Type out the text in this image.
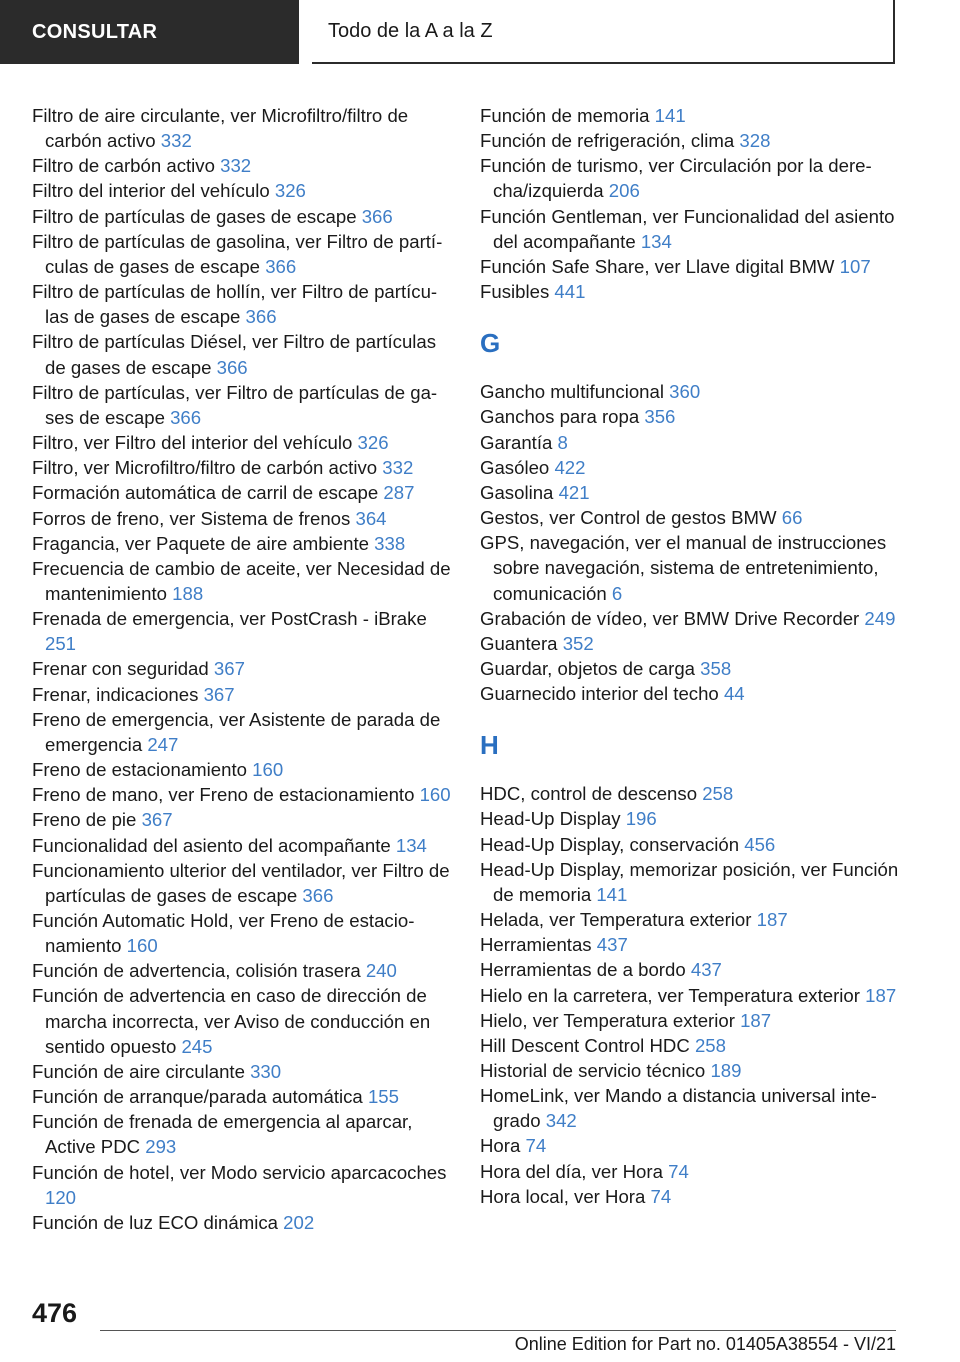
CONSULTAR	Todo de la A a la Z
Filtro de aire circulante, ver Microfiltro/filtro de carbón activo 332
Filtro de carbón activo 332
Filtro del interior del vehículo 326
Filtro de partículas de gases de escape 366
Filtro de partículas de gasolina, ver Filtro de partículas de gases de escape 366
Filtro de partículas de hollín, ver Filtro de partículas de gases de escape 366
Filtro de partículas Diésel, ver Filtro de partículas de gases de escape 366
Filtro de partículas, ver Filtro de partículas de gases de escape 366
Filtro, ver Filtro del interior del vehículo 326
Filtro, ver Microfiltro/filtro de carbón activo 332
Formación automática de carril de escape 287
Forros de freno, ver Sistema de frenos 364
Fragancia, ver Paquete de aire ambiente 338
Frecuencia de cambio de aceite, ver Necesidad de mantenimiento 188
Frenada de emergencia, ver PostCrash - iBrake 251
Frenar con seguridad 367
Frenar, indicaciones 367
Freno de emergencia, ver Asistente de parada de emergencia 247
Freno de estacionamiento 160
Freno de mano, ver Freno de estacionamiento 160
Freno de pie 367
Funcionalidad del asiento del acompañante 134
Funcionamiento ulterior del ventilador, ver Filtro de partículas de gases de escape 366
Función Automatic Hold, ver Freno de estacionamiento 160
Función de advertencia, colisión trasera 240
Función de advertencia en caso de dirección de marcha incorrecta, ver Aviso de conducción en sentido opuesto 245
Función de aire circulante 330
Función de arranque/parada automática 155
Función de frenada de emergencia al aparcar, Active PDC 293
Función de hotel, ver Modo servicio aparcacoches 120
Función de luz ECO dinámica 202
Función de memoria 141
Función de refrigeración, clima 328
Función de turismo, ver Circulación por la derecha/izquierda 206
Función Gentleman, ver Funcionalidad del asiento del acompañante 134
Función Safe Share, ver Llave digital BMW 107
Fusibles 441
G
Gancho multifuncional 360
Ganchos para ropa 356
Garantía 8
Gasóleo 422
Gasolina 421
Gestos, ver Control de gestos BMW 66
GPS, navegación, ver el manual de instrucciones sobre navegación, sistema de entretenimiento, comunicación 6
Grabación de vídeo, ver BMW Drive Recorder 249
Guantera 352
Guardar, objetos de carga 358
Guarnecido interior del techo 44
H
HDC, control de descenso 258
Head-Up Display 196
Head-Up Display, conservación 456
Head-Up Display, memorizar posición, ver Función de memoria 141
Helada, ver Temperatura exterior 187
Herramientas 437
Herramientas de a bordo 437
Hielo en la carretera, ver Temperatura exterior 187
Hielo, ver Temperatura exterior 187
Hill Descent Control HDC 258
Historial de servicio técnico 189
HomeLink, ver Mando a distancia universal integrado 342
Hora 74
Hora del día, ver Hora 74
Hora local, ver Hora 74
476
Online Edition for Part no. 01405A38554 - VI/21
